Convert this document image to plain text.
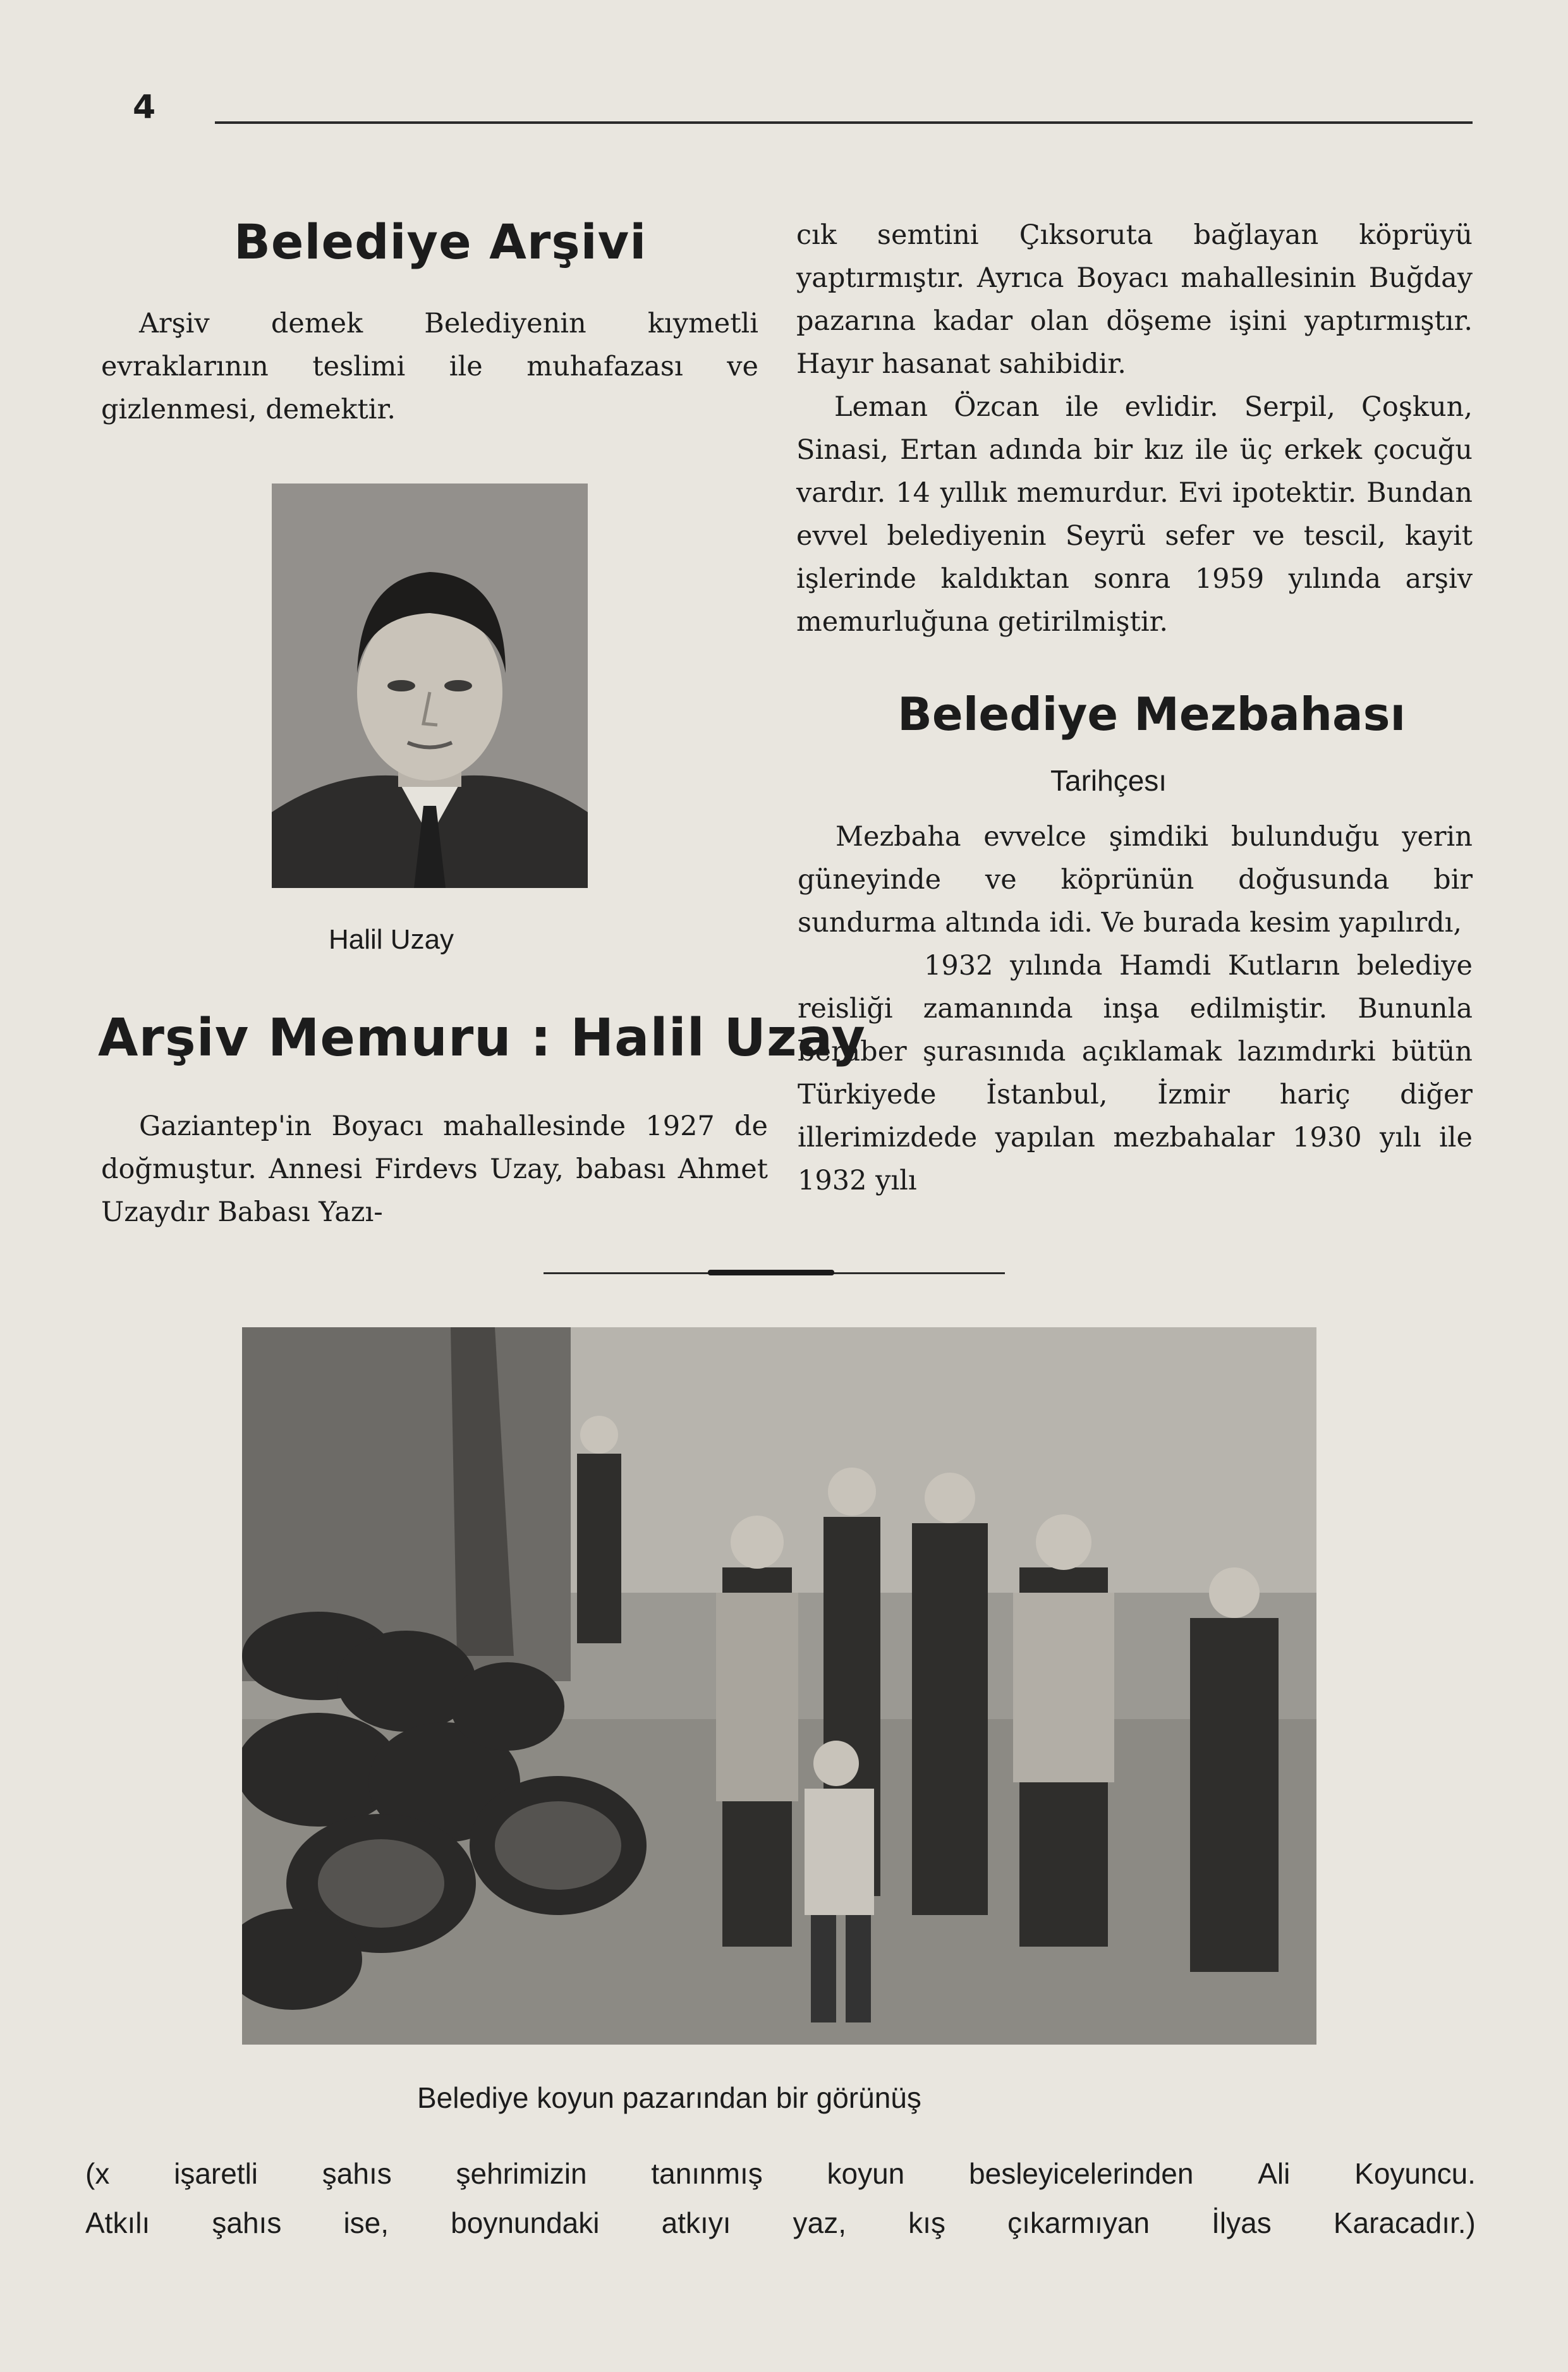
4
Belediye Arşivi

Arşiv demek Belediyenin kıymetli evraklarının teslimi ile muhafazası ve gizlenmesi, demektir.

Halil Uzay
Arşiv Memuru : Halil Uzay

Gaziantep'in Boyacı mahallesinde 1927 de doğmuştur. Annesi Firdevs Uzay, babası Ahmet Uzaydır Babası Yazı-

cık semtini Çıksoruta bağlayan köprüyü yaptırmıştır. Ayrıca Boyacı mahallesinin Buğday pazarına kadar olan döşeme işini yaptırmıştır. Hayır hasanat sahibidir.

Leman Özcan ile evlidir. Serpil, Çoşkun, Sinasi, Ertan adında bir kız ile üç erkek çocuğu vardır. 14 yıllık memurdur. Evi ipotektir. Bundan evvel belediyenin Seyrü sefer ve tescil, kayit işlerinde kaldıktan sonra 1959 yılında arşiv memurluğuna getirilmiştir.

Belediye Mezbahası
Tarihçesı

Mezbaha evvelce şimdiki bulunduğu yerin güneyinde ve köprünün doğusunda bir sundurma altında idi. Ve burada kesim yapılırdı,

1932 yılında Hamdi Kutların belediye reisliği zamanında inşa edilmiştir. Bununla beraber şurasınıda açıklamak lazımdırki bütün Türkiyede İstanbul, İzmir hariç diğer illerimizdede yapılan mezbahalar 1930 yılı ile 1932 yılı

Belediye koyun pazarından bir görünüş
(x işaretli şahıs şehrimizin tanınmış koyun besleyicelerinden Ali Koyuncu.
Atkılı şahıs ise, boynundaki atkıyı yaz, kış çıkarmıyan İlyas Karacadır.)
